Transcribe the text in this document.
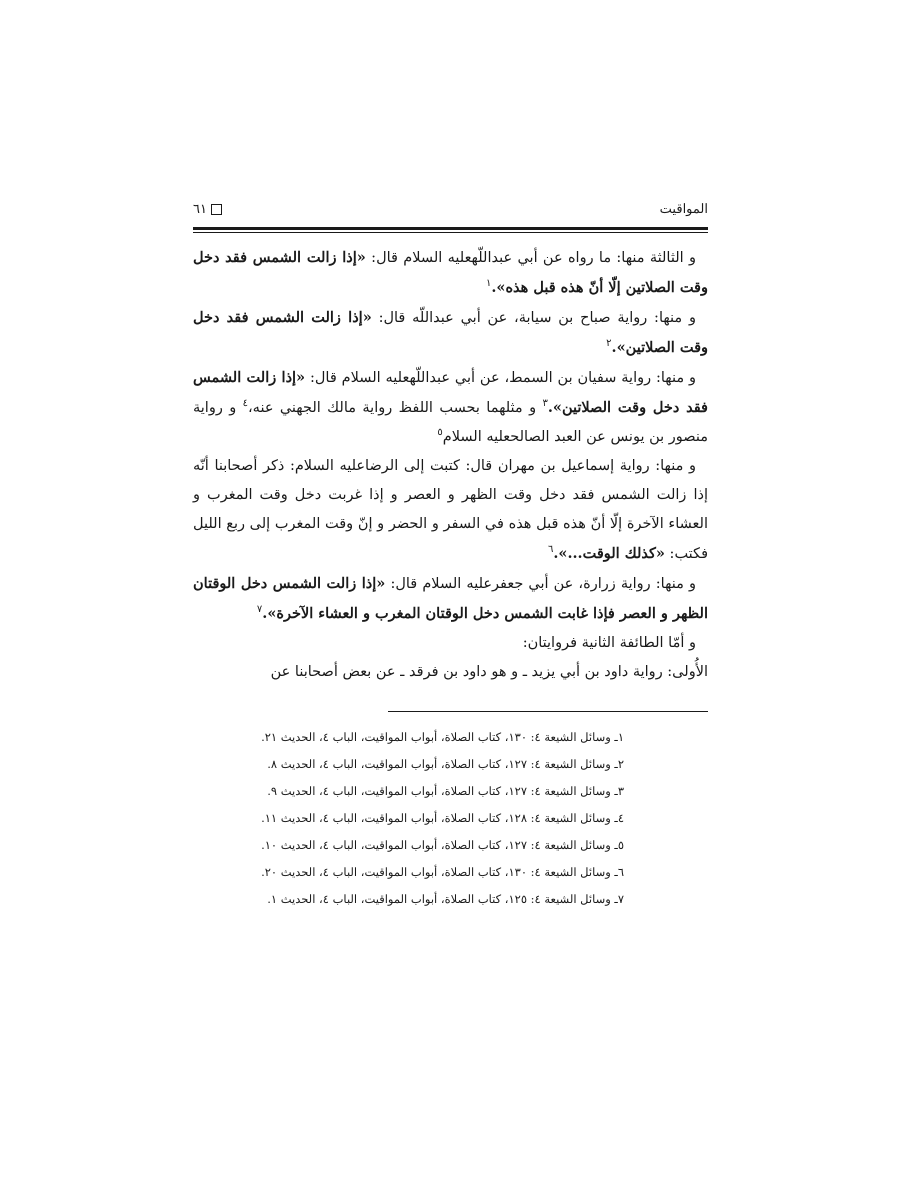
المواقيت
٦١

و الثالثة منها: ما رواه عن أبي عبداللّهعليه السلام قال: «إذا زالت الشمس فقد دخل وقت الصلاتين إلّا أنّ هذه قبل هذه».$^١$

و منها: رواية صباح بن سيابة، عن أبي عبداللّه قال: «إذا زالت الشمس فقد دخل وقت الصلاتين».$^٢$

و منها: رواية سفيان بن السمط، عن أبي عبداللّهعليه السلام قال: «إذا زالت الشمس فقد دخل وقت الصلاتين».$^٣$ و مثلهما بحسب اللفظ رواية مالك الجهني عنه،$^٤$ و رواية منصور بن يونس عن العبد الصالحعليه السلام$^٥$

و منها: رواية إسماعيل بن مهران قال: كتبت إلى الرضاعليه السلام: ذكر أصحابنا أنّه إذا زالت الشمس فقد دخل وقت الظهر و العصر و إذا غربت دخل وقت المغرب و العشاء الآخرة إلّا أنّ هذه قبل هذه في السفر و الحضر و إنّ وقت المغرب إلى ربع الليل فكتب: «كذلك الوقت...».$^٦$

و منها: رواية زرارة، عن أبي جعفرعليه السلام قال: «إذا زالت الشمس دخل الوقتان الظهر و العصر فإذا غابت الشمس دخل الوقتان المغرب و العشاء الآخرة».$^٧$

و أمّا الطائفة الثانية فروايتان:

الأُولى: رواية داود بن أبي يزيد ـ و هو داود بن فرقد ـ عن بعض أصحابنا عن

١ـ وسائل الشيعة ٤: ١٣٠، كتاب الصلاة، أبواب المواقيت، الباب ٤، الحديث ٢١.
٢ـ وسائل الشيعة ٤: ١٢٧، كتاب الصلاة، أبواب المواقيت، الباب ٤، الحديث ٨.
٣ـ وسائل الشيعة ٤: ١٢٧، كتاب الصلاة، أبواب المواقيت، الباب ٤، الحديث ٩.
٤ـ وسائل الشيعة ٤: ١٢٨، كتاب الصلاة، أبواب المواقيت، الباب ٤، الحديث ١١.
٥ـ وسائل الشيعة ٤: ١٢٧، كتاب الصلاة، أبواب المواقيت، الباب ٤، الحديث ١٠.
٦ـ وسائل الشيعة ٤: ١٣٠، كتاب الصلاة، أبواب المواقيت، الباب ٤، الحديث ٢٠.
٧ـ وسائل الشيعة ٤: ١٢٥، كتاب الصلاة، أبواب المواقيت، الباب ٤، الحديث ١.
